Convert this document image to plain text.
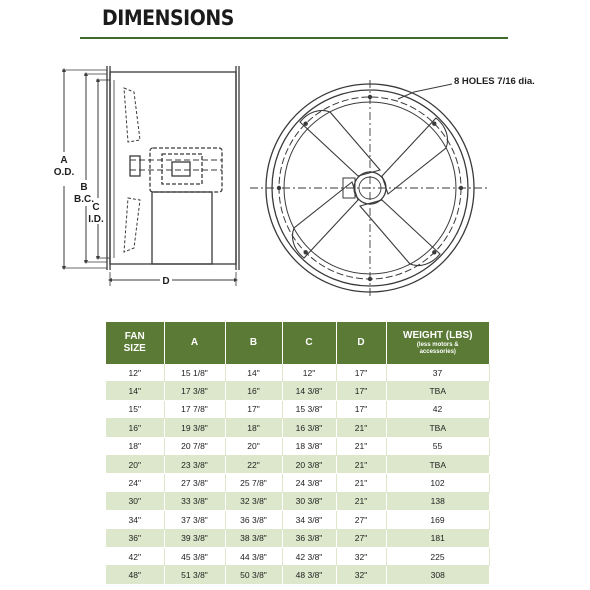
DIMENSIONS
A
O.D.
B
B.C.
C
I.D.
D
8 HOLES 7/16 dia.
FAN
SIZE	A	B	C	D	WEIGHT (LBS)
(less motors &
accessories)

12"	15 1/8"	14"	12"	17"	37
14"	17 3/8"	16"	14 3/8"	17"	TBA
15"	17 7/8"	17"	15 3/8"	17"	42
16"	19 3/8"	18"	16 3/8"	21"	TBA
18"	20 7/8"	20"	18 3/8"	21"	55
20"	23 3/8"	22"	20 3/8"	21"	TBA
24"	27 3/8"	25 7/8"	24 3/8"	21"	102
30"	33 3/8"	32 3/8"	30 3/8"	21"	138
34"	37 3/8"	36 3/8"	34 3/8"	27"	169
36"	39 3/8"	38 3/8"	36 3/8"	27"	181
42"	45 3/8"	44 3/8"	42 3/8"	32"	225
48"	51 3/8"	50 3/8"	48 3/8"	32"	308
